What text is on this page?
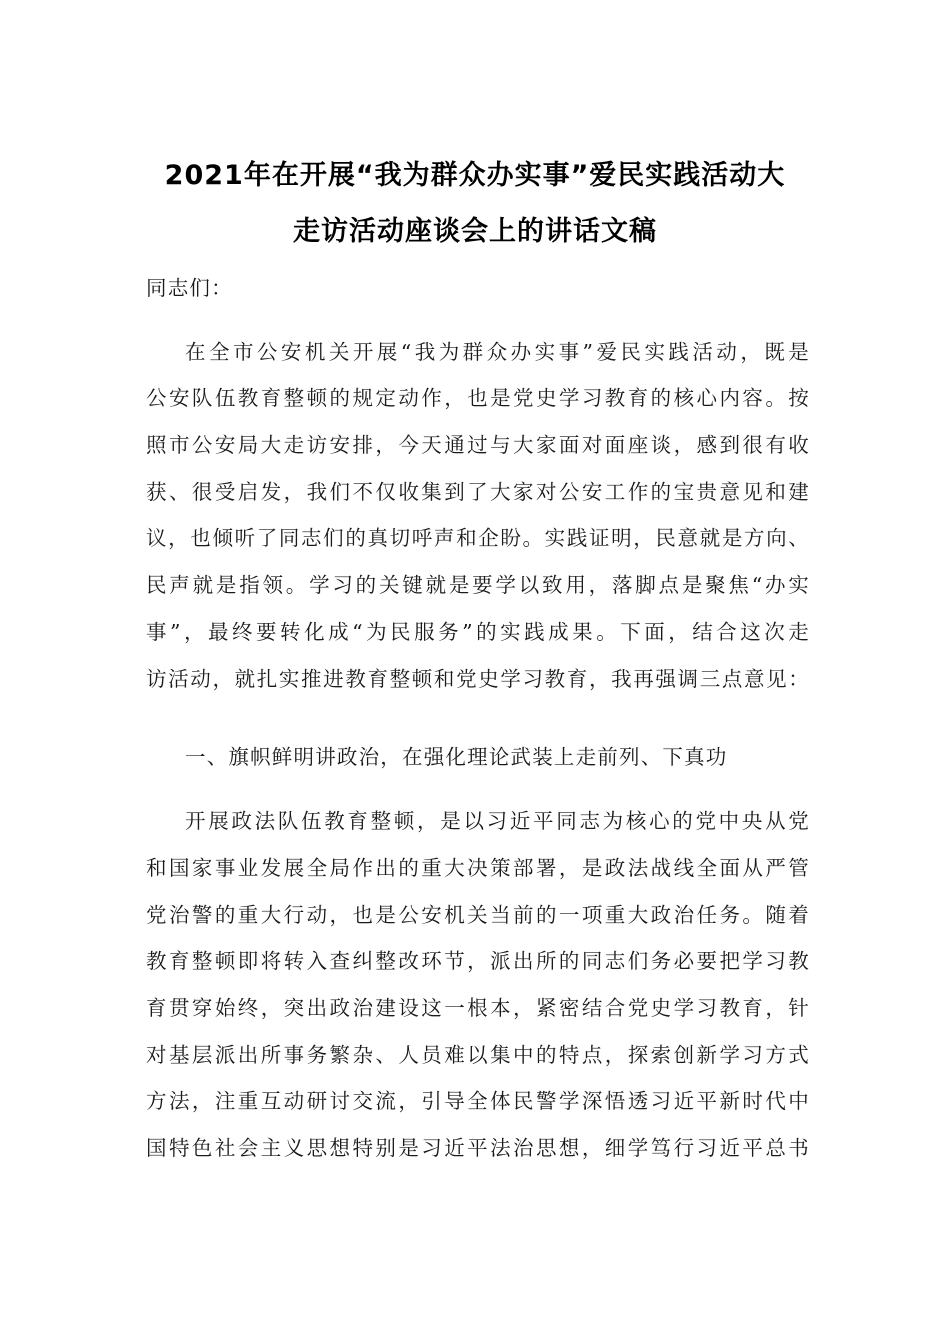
2021年在开展“我为群众办实事”爱民实践活动大
走访活动座谈会上的讲话文稿
同志们：
在全市公安机关开展“我为群众办实事”爱民实践活动，既是
公安队伍教育整顿的规定动作，也是党史学习教育的核心内容。按
照市公安局大走访安排，今天通过与大家面对面座谈，感到很有收
获、很受启发，我们不仅收集到了大家对公安工作的宝贵意见和建
议，也倾听了同志们的真切呼声和企盼。实践证明，民意就是方向、
民声就是指领。学习的关键就是要学以致用，落脚点是聚焦“办实
事”，最终要转化成“为民服务”的实践成果。下面，结合这次走
访活动，就扎实推进教育整顿和党史学习教育，我再强调三点意见：
一、旗帜鲜明讲政治，在强化理论武装上走前列、下真功
开展政法队伍教育整顿，是以习近平同志为核心的党中央从党
和国家事业发展全局作出的重大决策部署，是政法战线全面从严管
党治警的重大行动，也是公安机关当前的一项重大政治任务。随着
教育整顿即将转入查纠整改环节，派出所的同志们务必要把学习教
育贯穿始终，突出政治建设这一根本，紧密结合党史学习教育，针
对基层派出所事务繁杂、人员难以集中的特点，探索创新学习方式
方法，注重互动研讨交流，引导全体民警学深悟透习近平新时代中
国特色社会主义思想特别是习近平法治思想，细学笃行习近平总书
